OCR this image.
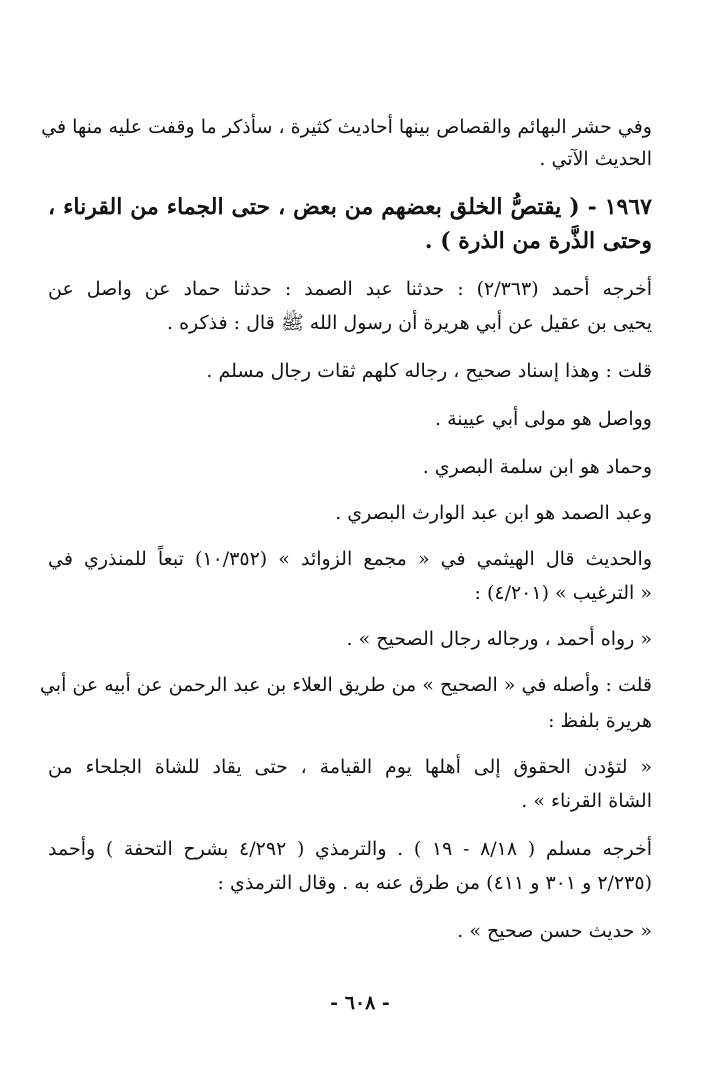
وفي حشر البهائم والقصاص بينها أحاديث كثيرة ، سأذكر ما وقفت عليه منها في
الحديث الآتي .
١٩٦٧ - ( يقتصُّ الخلق بعضهم من بعض ، حتى الجماء من القرناء ،
وحتى الذَّرة من الذرة ) .
أخرجه أحمد (٢/٣٦٣) : حدثنا عبد الصمد : حدثنا حماد عن واصل عن
يحيى بن عقيل عن أبي هريرة أن رسول الله ﷺ قال : فذكره .
قلت : وهذا إسناد صحيح ، رجاله كلهم ثقات رجال مسلم .
وواصل هو مولى أبي عيينة .
وحماد هو ابن سلمة البصري .
وعبد الصمد هو ابن عبد الوارث البصري .
والحديث قال الهيثمي في « مجمع الزوائد » (١٠/٣٥٢) تبعاً للمنذري في
« الترغيب » (٤/٢٠١) :
« رواه أحمد ، ورجاله رجال الصحيح » .
قلت : وأصله في « الصحيح » من طريق العلاء بن عبد الرحمن عن أبيه عن أبي
هريرة بلفظ :
« لتؤدن الحقوق إلى أهلها يوم القيامة ، حتى يقاد للشاة الجلحاء من
الشاة القرناء » .
أخرجه مسلم ( ٨/١٨ - ١٩ ) . والترمذي ( ٤/٢٩٢ بشرح التحفة ) وأحمد
(٢/٢٣٥ و ٣٠١ و ٤١١) من طرق عنه به . وقال الترمذي :
« حديث حسن صحيح » .
- ٦٠٨ -
